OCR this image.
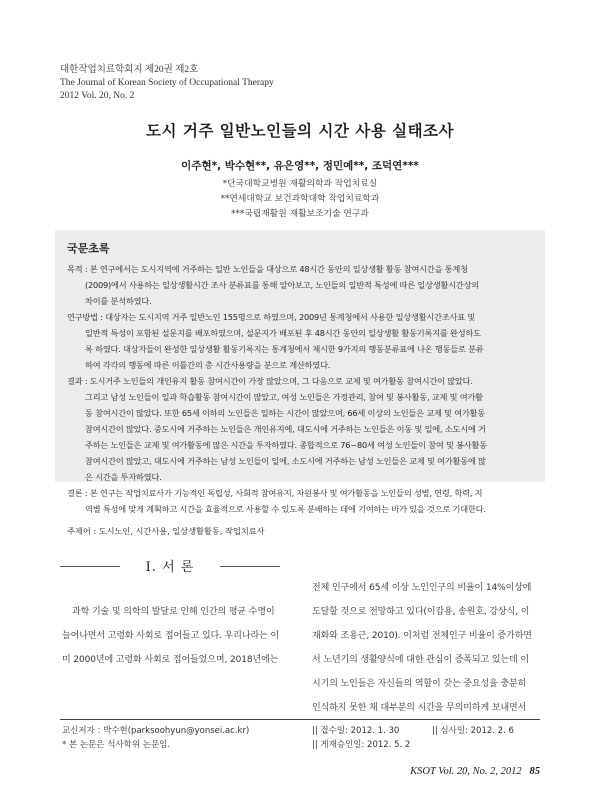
대한작업치료학회지 제20권 제2호
The Journal of Korean Society of Occupational Therapy
2012 Vol. 20, No. 2
도시 거주 일반노인들의 시간 사용 실태조사
이주현*, 박수현**, 유은영**, 정민예**, 조덕연***
*단국대학교병원 재활의학과 작업치료실
**연세대학교 보건과학대학 작업치료학과
***국립재활원 재활보조기술 연구과
국문초록
목적 : 본 연구에서는 도시지역에 거주하는 일반 노인들을 대상으로 48시간 동안의 일상생활 활동 참여시간을 통계청
(2009)에서 사용하는 일상생활시간 조사 분류표를 통해 알아보고, 노인들의 일반적 특성에 따른 일상생활시간상의
차이를 분석하였다.
연구방법 : 대상자는 도시지역 거주 일반노인 155명으로 하였으며, 2009년 통계청에서 사용한 일상생활시간조사표 및
일반적 특성이 포함된 설문지를 배포하였으며, 설문지가 배포된 후 48시간 동안의 일상생활 활동기록지를 완성하도
록 하였다. 대상자들이 완성한 일상생활 활동기록지는 통계청에서 제시한 9가지의 행동분류표에 나온 행동들로 분류
하여 각각의 행동에 따른 이틀간의 총 시간사용량을 분으로 계산하였다.
결과 : 도시거주 노인들의 개인유지 활동 참여시간이 가장 많았으며, 그 다음으로 교제 및 여가활동 참여시간이 많았다.
그리고 남성 노인들이 일과 학습활동 참여시간이 많았고, 여성 노인들은 가정관리, 참여 및 봉사활동, 교제 및 여가활
동 참여시간이 많았다. 또한 65세 이하의 노인들은 일하는 시간이 많았으며, 66세 이상의 노인들은 교제 및 여가활동
참여시간이 많았다. 중도시에 거주하는 노인들은 개인유지에, 대도시에 거주하는 노인들은 이동 및 일에, 소도시에 거
주하는 노인들은 교제 및 여가활동에 많은 시간을 투자하였다. 종합적으로 76~80세 여성 노인들이 참여 및 봉사활동
참여시간이 많았고, 대도시에 거주하는 남성 노인들이 일에, 소도시에 거주하는 남성 노인들은 교제 및 여가활동에 많
은 시간을 투자하였다.
결론 : 본 연구는 작업치료사가 기능적인 독립성, 사회적 참여유지, 자원봉사 및 여가활동을 노인들의 성별, 연령, 학력, 지
역별 특성에 맞게 계획하고 시간을 효율적으로 사용할 수 있도록 분배하는 데에 기여하는 바가 있을 것으로 기대한다.
주제어 : 도시노인, 시간사용, 일상생활활동, 작업치료사
Ⅰ. 서 론
과학 기술 및 의학의 발달로 인해 인간의 평균 수명이
늘어나면서 고령화 사회로 접어들고 있다. 우리나라는 이
미 2000년에 고령화 사회로 접어들었으며, 2018년에는
전체 인구에서 65세 이상 노인인구의 비율이 14%이상에
도달할 것으로 전망하고 있다(이갑용, 송원호, 강상식, 이
재화와 조용근, 2010). 이처럼 전체인구 비율이 증가하면
서 노년기의 생활양식에 대한 관심이 증폭되고 있는데 이
시기의 노인들은 자신들의 역할이 갖는 중요성을 충분히
인식하지 못한 채 대부분의 시간을 무의미하게 보내면서
교신저자 : 박수현(parksoohyun@yonsei.ac.kr)
* 본 논문은 석사학위 논문임.
|| 접수일: 2012. 1. 30	|| 심사일: 2012. 2. 6
|| 게재승인일: 2012. 5. 2
KSOT Vol. 20, No. 2, 2012 85
